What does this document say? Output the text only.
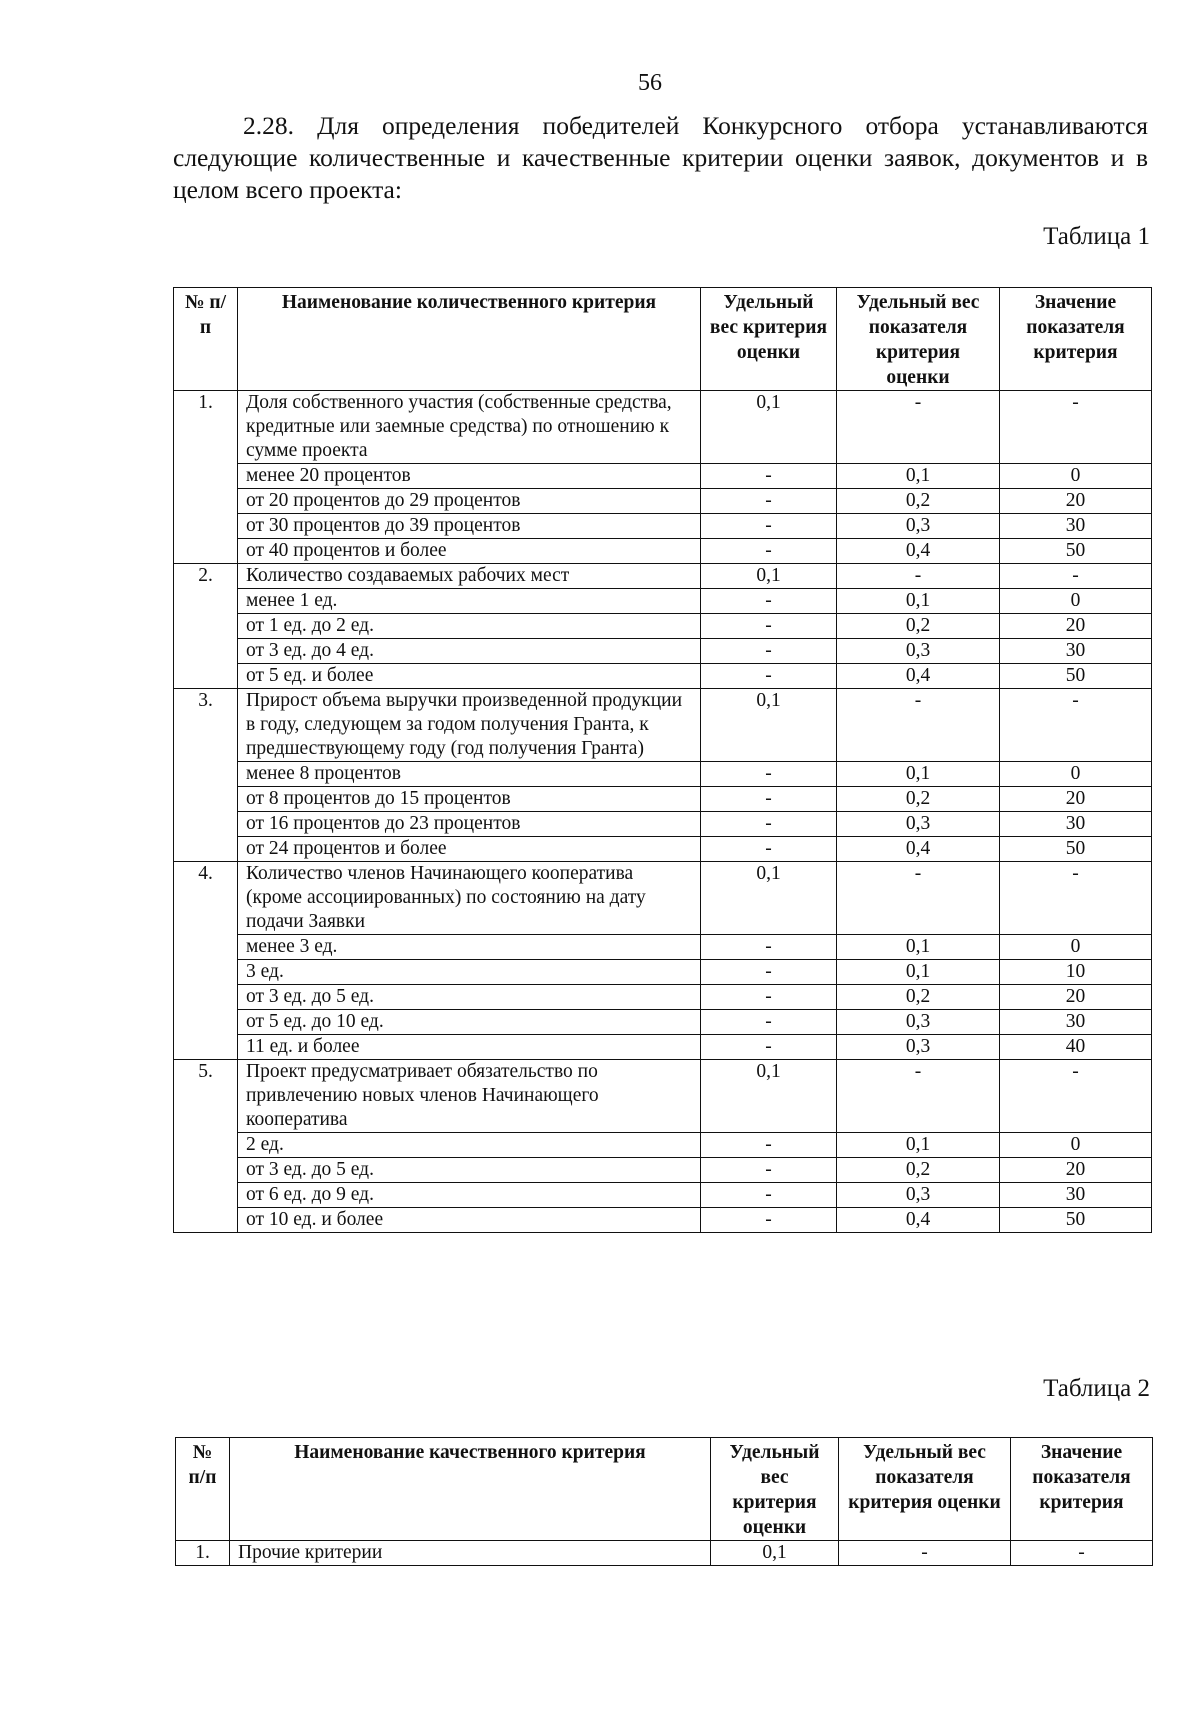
56

2.28. Для определения победителей Конкурсного отбора устанавливаются следующие количественные и качественные критерии оценки заявок, документов и в целом всего проекта:

Таблица 1
№ п/п	Наименование количественного критерия	Удельный вес критерия оценки	Удельный вес показателя критерия оценки	Значение показателя критерия
1.	Доля собственного участия (собственные средства, кредитные или заемные средства) по отношению к сумме проекта	0,1	-	-
	менее 20 процентов	-	0,1	0
	от 20 процентов до 29 процентов	-	0,2	20
	от 30 процентов до 39 процентов	-	0,3	30
	от 40 процентов и более	-	0,4	50
2.	Количество создаваемых рабочих мест	0,1	-	-
	менее 1 ед.	-	0,1	0
	от 1 ед. до 2 ед.	-	0,2	20
	от 3 ед. до 4 ед.	-	0,3	30
	от 5 ед. и более	-	0,4	50
3.	Прирост объема выручки произведенной продукции в году, следующем за годом получения Гранта, к предшествующему году (год получения Гранта)	0,1	-	-
	менее 8 процентов	-	0,1	0
	от 8 процентов до 15 процентов	-	0,2	20
	от 16 процентов до 23 процентов	-	0,3	30
	от 24 процентов и более	-	0,4	50
4.	Количество членов Начинающего кооператива (кроме ассоциированных) по состоянию на дату подачи Заявки	0,1	-	-
	менее 3 ед.	-	0,1	0
	3 ед.	-	0,1	10
	от 3 ед. до 5 ед.	-	0,2	20
	от 5 ед. до 10 ед.	-	0,3	30
	11 ед. и более	-	0,3	40
5.	Проект предусматривает обязательство по привлечению новых членов Начинающего кооператива	0,1	-	-
	2 ед.	-	0,1	0
	от 3 ед. до 5 ед.	-	0,2	20
	от 6 ед. до 9 ед.	-	0,3	30
	от 10 ед. и более	-	0,4	50
Таблица 2
№ п/п	Наименование качественного критерия	Удельный вес критерия оценки	Удельный вес показателя критерия оценки	Значение показателя критерия
1.	Прочие критерии	0,1	-	-
